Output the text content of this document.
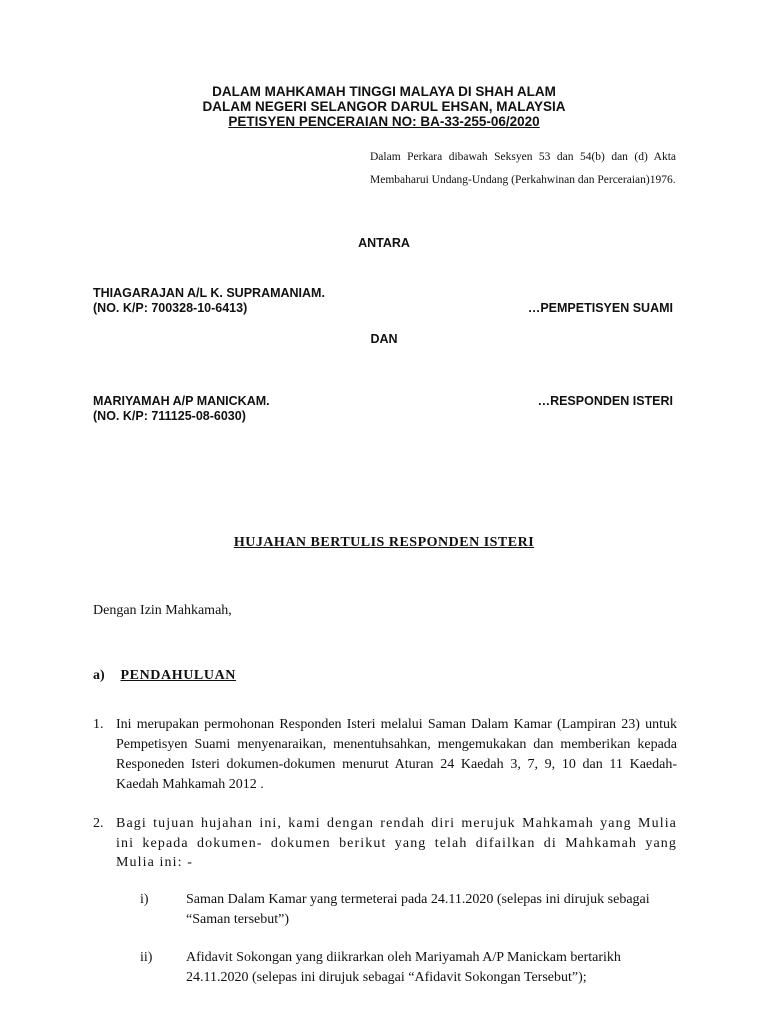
DALAM MAHKAMAH TINGGI MALAYA DI SHAH ALAM
DALAM NEGERI SELANGOR DARUL EHSAN, MALAYSIA
PETISYEN PENCERAIAN NO: BA-33-255-06/2020
Dalam Perkara dibawah Seksyen 53 dan 54(b) dan (d) Akta Membaharui Undang-Undang (Perkahwinan dan Perceraian)1976.
ANTARA
THIAGARAJAN A/L K. SUPRAMANIAM.
(NO. K/P: 700328-10-6413)	…PEMPETISYEN SUAMI
DAN
MARIYAMAH A/P MANICKAM.	…RESPONDEN ISTERI
(NO. K/P: 711125-08-6030)
HUJAHAN BERTULIS RESPONDEN ISTERI
Dengan Izin Mahkamah,
a) PENDAHULUAN
1. Ini merupakan permohonan Responden Isteri melalui Saman Dalam Kamar (Lampiran 23) untuk Pempetisyen Suami menyenaraikan, menentuhsahkan, mengemukakan dan memberikan kepada Responeden Isteri dokumen-dokumen menurut Aturan 24 Kaedah 3, 7, 9, 10 dan 11 Kaedah-Kaedah Mahkamah 2012 .
2. Bagi tujuan hujahan ini, kami dengan rendah diri merujuk Mahkamah yang Mulia ini kepada dokumen- dokumen berikut yang telah difailkan di Mahkamah yang Mulia ini: -
i)	Saman Dalam Kamar yang termeterai pada 24.11.2020 (selepas ini dirujuk sebagai “Saman tersebut”)
ii) Afidavit Sokongan yang diikrarkan oleh Mariyamah A/P Manickam bertarikh 24.11.2020 (selepas ini dirujuk sebagai “Afidavit Sokongan Tersebut”);
